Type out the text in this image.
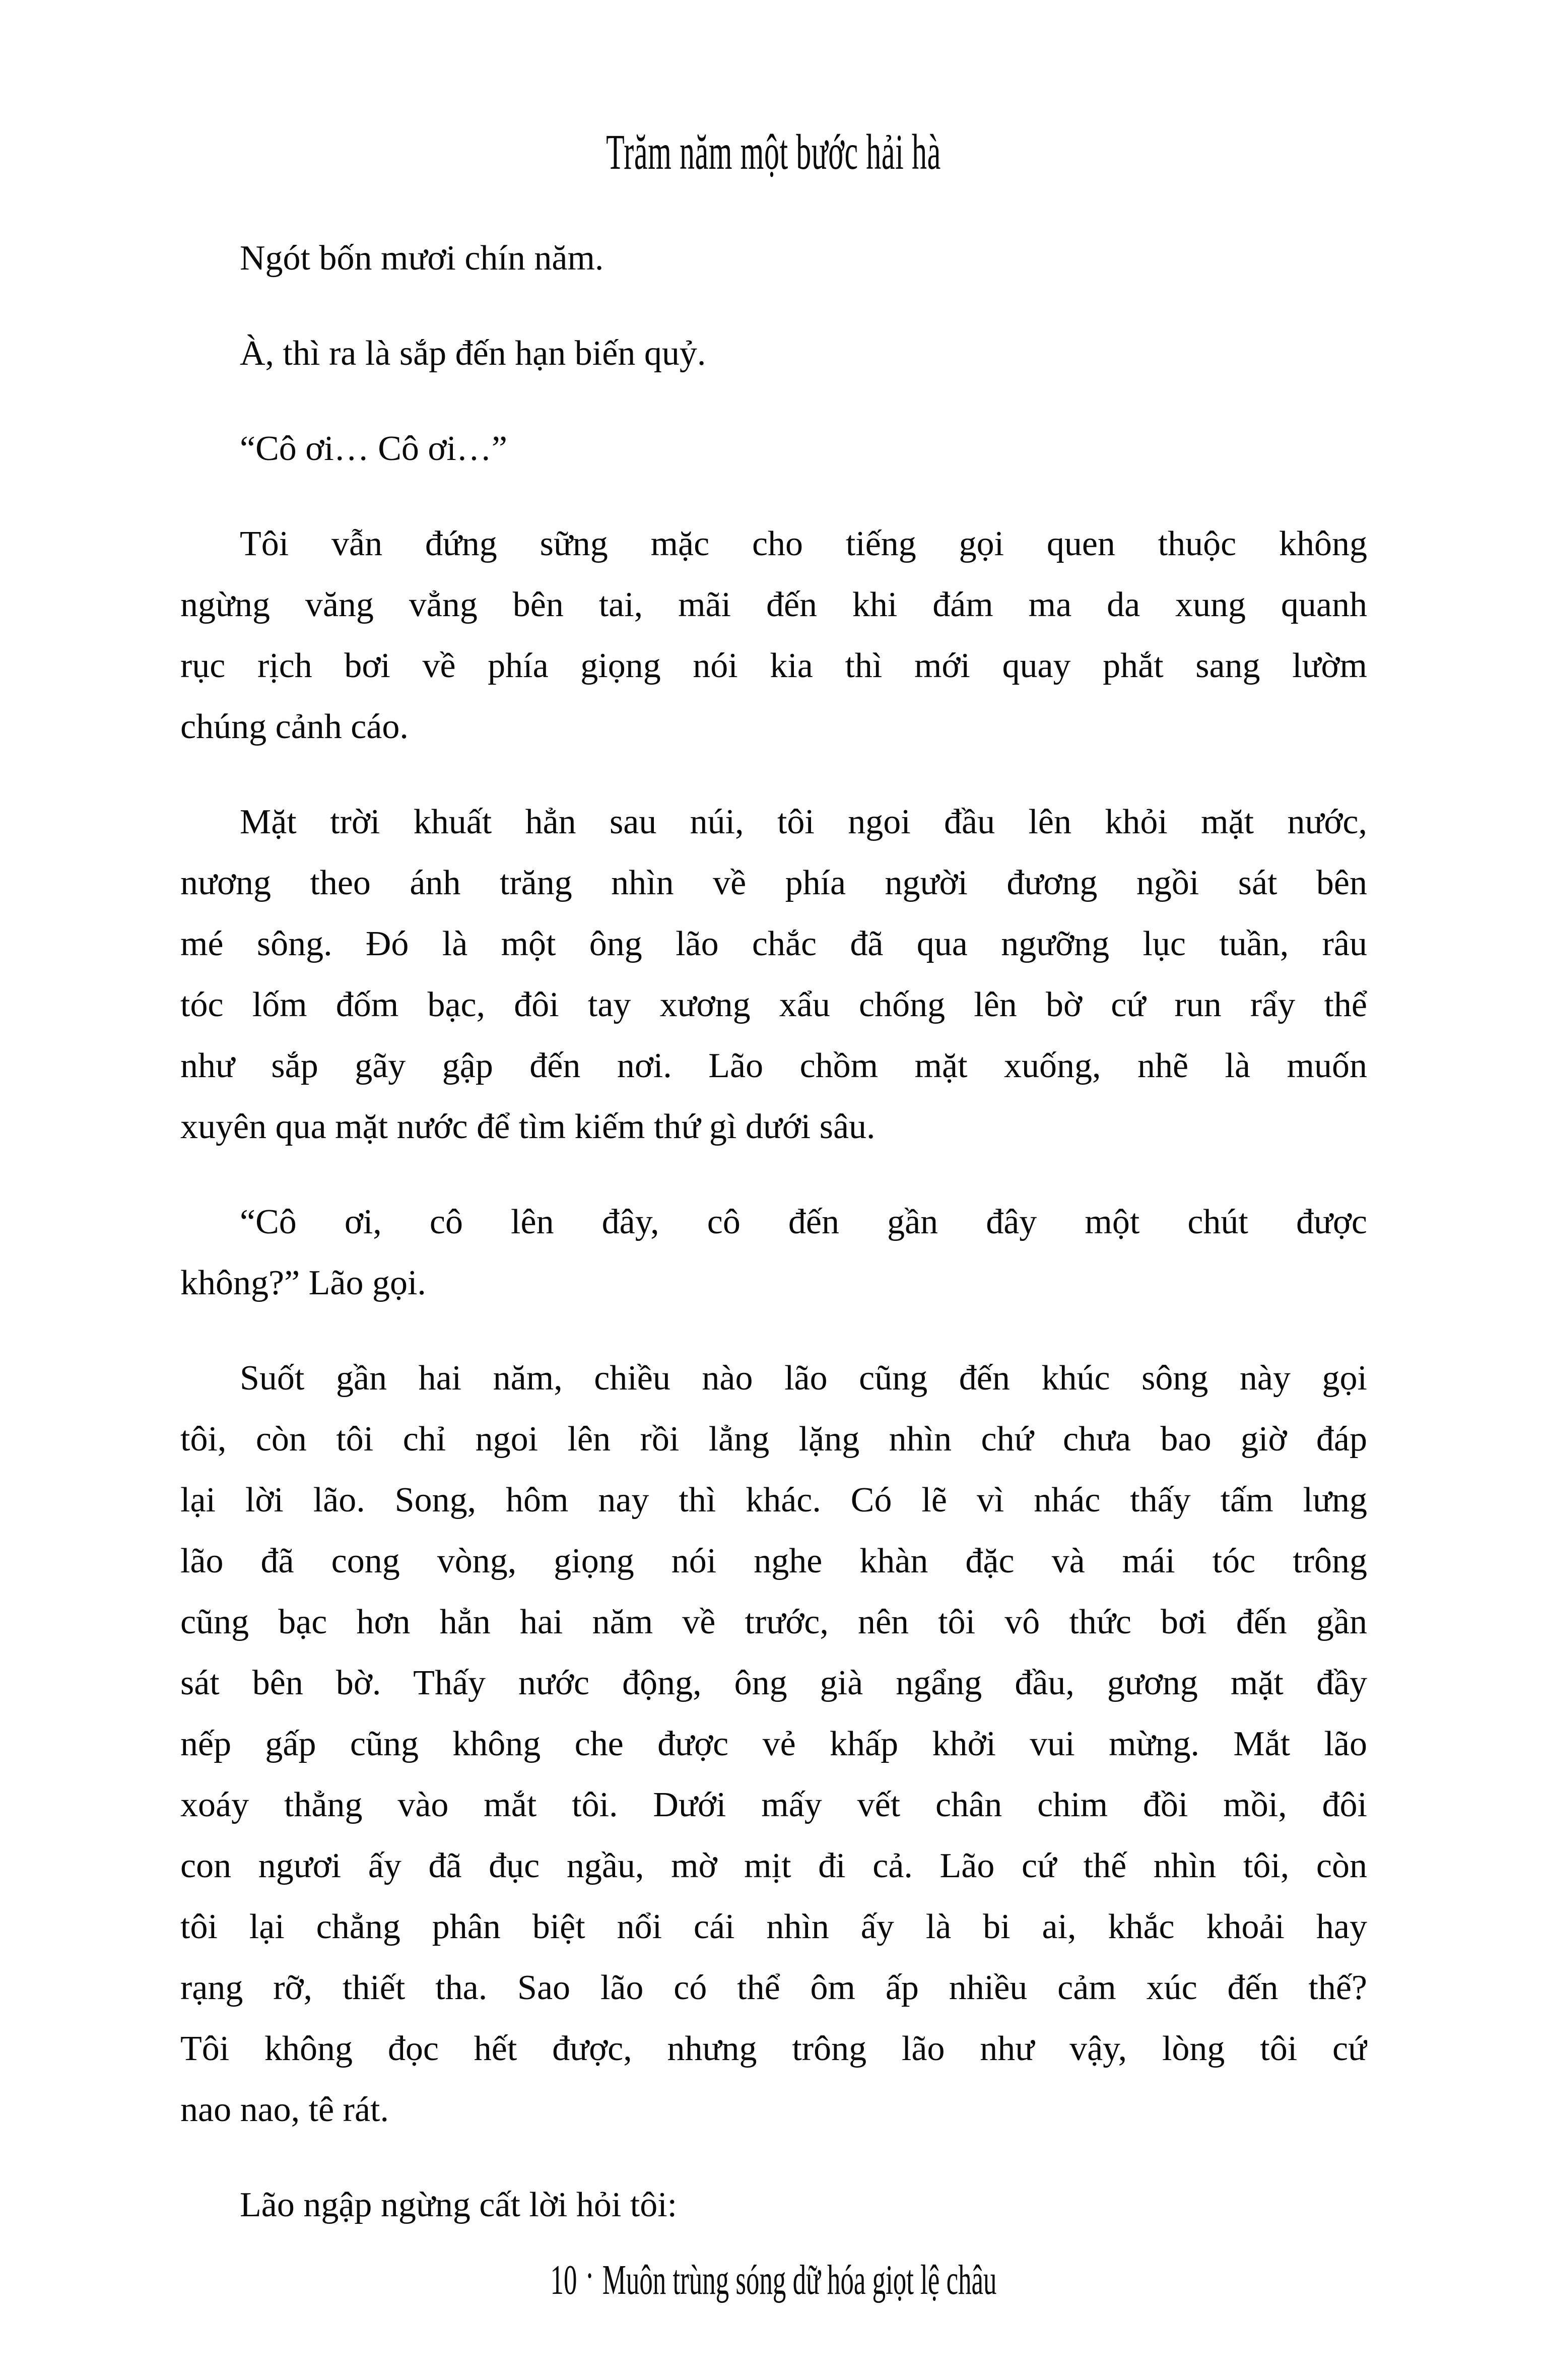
Trăm năm một bước hải hà

Ngót bốn mươi chín năm.

À, thì ra là sắp đến hạn biến quỷ.

“Cô ơi… Cô ơi…”

Tôi vẫn đứng sững mặc cho tiếng gọi quen thuộc không
ngừng văng vẳng bên tai, mãi đến khi đám ma da xung quanh
rục rịch bơi về phía giọng nói kia thì mới quay phắt sang lườm
chúng cảnh cáo.

Mặt trời khuất hẳn sau núi, tôi ngoi đầu lên khỏi mặt nước,
nương theo ánh trăng nhìn về phía người đương ngồi sát bên
mé sông. Đó là một ông lão chắc đã qua ngưỡng lục tuần, râu
tóc lốm đốm bạc, đôi tay xương xẩu chống lên bờ cứ run rẩy thể
như sắp gãy gập đến nơi. Lão chồm mặt xuống, nhẽ là muốn
xuyên qua mặt nước để tìm kiếm thứ gì dưới sâu.

“Cô ơi, cô lên đây, cô đến gần đây một chút được
không?” Lão gọi.

Suốt gần hai năm, chiều nào lão cũng đến khúc sông này gọi
tôi, còn tôi chỉ ngoi lên rồi lẳng lặng nhìn chứ chưa bao giờ đáp
lại lời lão. Song, hôm nay thì khác. Có lẽ vì nhác thấy tấm lưng
lão đã cong vòng, giọng nói nghe khàn đặc và mái tóc trông
cũng bạc hơn hẳn hai năm về trước, nên tôi vô thức bơi đến gần
sát bên bờ. Thấy nước động, ông già ngẩng đầu, gương mặt đầy
nếp gấp cũng không che được vẻ khấp khởi vui mừng. Mắt lão
xoáy thẳng vào mắt tôi. Dưới mấy vết chân chim đồi mồi, đôi
con ngươi ấy đã đục ngầu, mờ mịt đi cả. Lão cứ thế nhìn tôi, còn
tôi lại chẳng phân biệt nổi cái nhìn ấy là bi ai, khắc khoải hay
rạng rỡ, thiết tha. Sao lão có thể ôm ấp nhiều cảm xúc đến thế?
Tôi không đọc hết được, nhưng trông lão như vậy, lòng tôi cứ
nao nao, tê rát.

Lão ngập ngừng cất lời hỏi tôi:

10 · Muôn trùng sóng dữ hóa giọt lệ châu
